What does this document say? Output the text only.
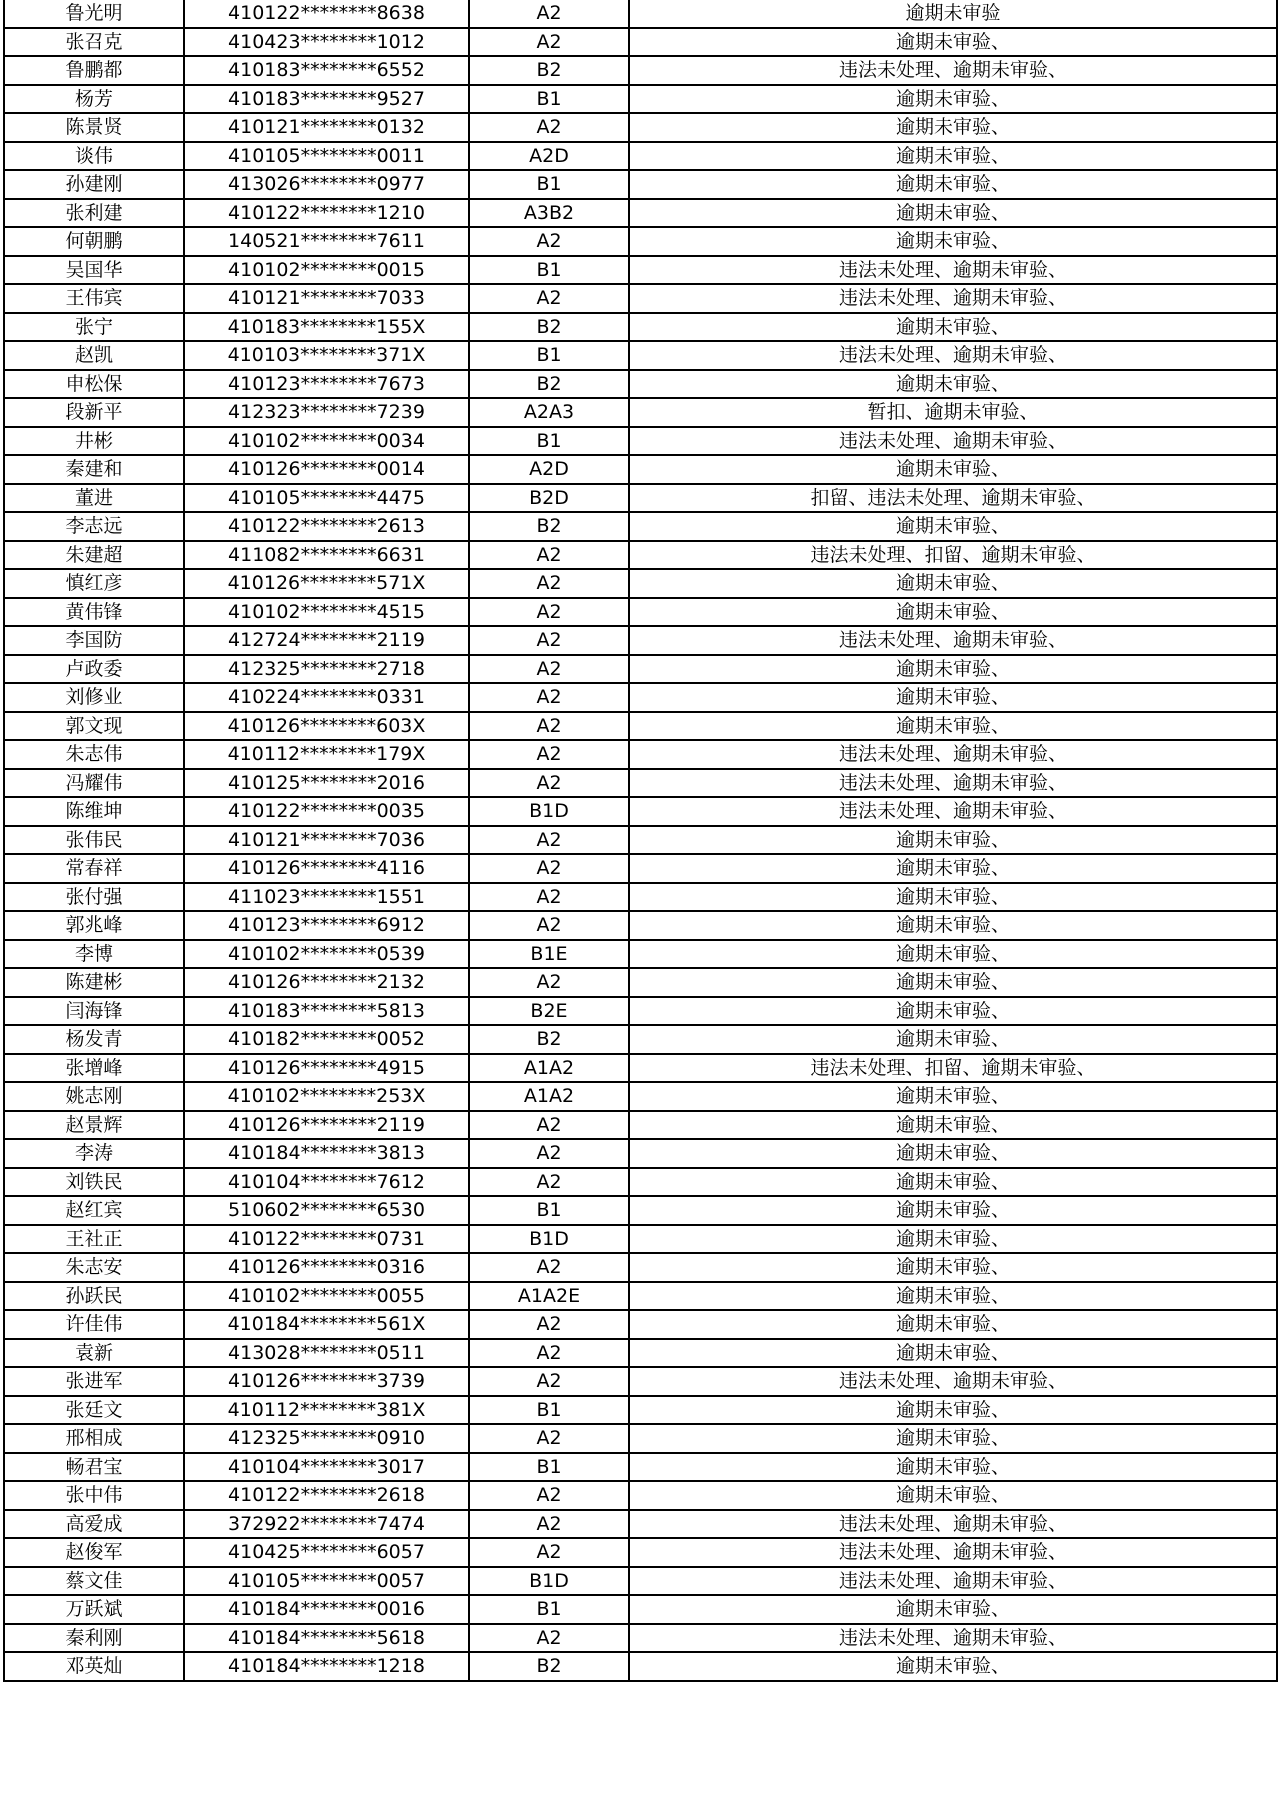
鲁光明	410122********8638	A2	逾期未审验
张召克	410423********1012	A2	逾期未审验、
鲁鹏都	410183********6552	B2	违法未处理、逾期未审验、
杨芳	410183********9527	B1	逾期未审验、
陈景贤	410121********0132	A2	逾期未审验、
谈伟	410105********0011	A2D	逾期未审验、
孙建刚	413026********0977	B1	逾期未审验、
张利建	410122********1210	A3B2	逾期未审验、
何朝鹏	140521********7611	A2	逾期未审验、
吴国华	410102********0015	B1	违法未处理、逾期未审验、
王伟宾	410121********7033	A2	违法未处理、逾期未审验、
张宁	410183********155X	B2	逾期未审验、
赵凯	410103********371X	B1	违法未处理、逾期未审验、
申松保	410123********7673	B2	逾期未审验、
段新平	412323********7239	A2A3	暂扣、逾期未审验、
井彬	410102********0034	B1	违法未处理、逾期未审验、
秦建和	410126********0014	A2D	逾期未审验、
董进	410105********4475	B2D	扣留、违法未处理、逾期未审验、
李志远	410122********2613	B2	逾期未审验、
朱建超	411082********6631	A2	违法未处理、扣留、逾期未审验、
慎红彦	410126********571X	A2	逾期未审验、
黄伟锋	410102********4515	A2	逾期未审验、
李国防	412724********2119	A2	违法未处理、逾期未审验、
卢政委	412325********2718	A2	逾期未审验、
刘修业	410224********0331	A2	逾期未审验、
郭文现	410126********603X	A2	逾期未审验、
朱志伟	410112********179X	A2	违法未处理、逾期未审验、
冯耀伟	410125********2016	A2	违法未处理、逾期未审验、
陈维坤	410122********0035	B1D	违法未处理、逾期未审验、
张伟民	410121********7036	A2	逾期未审验、
常春祥	410126********4116	A2	逾期未审验、
张付强	411023********1551	A2	逾期未审验、
郭兆峰	410123********6912	A2	逾期未审验、
李博	410102********0539	B1E	逾期未审验、
陈建彬	410126********2132	A2	逾期未审验、
闫海锋	410183********5813	B2E	逾期未审验、
杨发青	410182********0052	B2	逾期未审验、
张增峰	410126********4915	A1A2	违法未处理、扣留、逾期未审验、
姚志刚	410102********253X	A1A2	逾期未审验、
赵景辉	410126********2119	A2	逾期未审验、
李涛	410184********3813	A2	逾期未审验、
刘铁民	410104********7612	A2	逾期未审验、
赵红宾	510602********6530	B1	逾期未审验、
王社正	410122********0731	B1D	逾期未审验、
朱志安	410126********0316	A2	逾期未审验、
孙跃民	410102********0055	A1A2E	逾期未审验、
许佳伟	410184********561X	A2	逾期未审验、
袁新	413028********0511	A2	逾期未审验、
张进军	410126********3739	A2	违法未处理、逾期未审验、
张廷文	410112********381X	B1	逾期未审验、
邢相成	412325********0910	A2	逾期未审验、
畅君宝	410104********3017	B1	逾期未审验、
张中伟	410122********2618	A2	逾期未审验、
高爱成	372922********7474	A2	违法未处理、逾期未审验、
赵俊军	410425********6057	A2	违法未处理、逾期未审验、
蔡文佳	410105********0057	B1D	违法未处理、逾期未审验、
万跃斌	410184********0016	B1	逾期未审验、
秦利刚	410184********5618	A2	违法未处理、逾期未审验、
邓英灿	410184********1218	B2	逾期未审验、
